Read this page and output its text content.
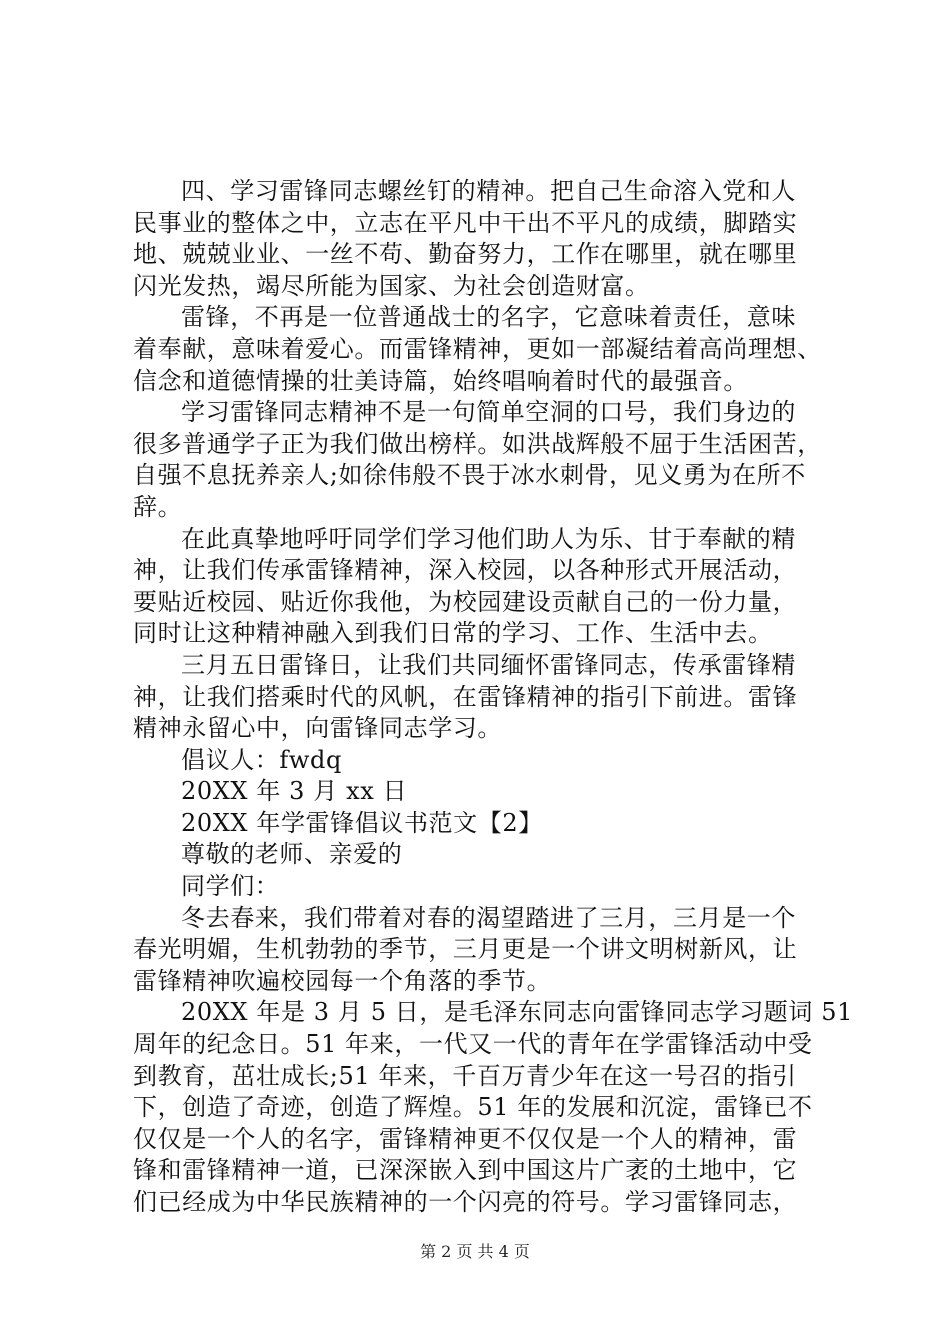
四、学习雷锋同志螺丝钉的精神。把自己生命溶入党和人
民事业的整体之中，立志在平凡中干出不平凡的成绩，脚踏实
地、兢兢业业、一丝不苟、勤奋努力，工作在哪里，就在哪里
闪光发热，竭尽所能为国家、为社会创造财富。
雷锋，不再是一位普通战士的名字，它意味着责任，意味
着奉献，意味着爱心。而雷锋精神，更如一部凝结着高尚理想、
信念和道德情操的壮美诗篇，始终唱响着时代的最强音。
学习雷锋同志精神不是一句简单空洞的口号，我们身边的
很多普通学子正为我们做出榜样。如洪战辉般不屈于生活困苦，
自强不息抚养亲人;如徐伟般不畏于冰水刺骨，见义勇为在所不
辞。
在此真挚地呼吁同学们学习他们助人为乐、甘于奉献的精
神，让我们传承雷锋精神，深入校园，以各种形式开展活动，
要贴近校园、贴近你我他，为校园建设贡献自己的一份力量，
同时让这种精神融入到我们日常的学习、工作、生活中去。
三月五日雷锋日，让我们共同缅怀雷锋同志，传承雷锋精
神，让我们搭乘时代的风帆，在雷锋精神的指引下前进。雷锋
精神永留心中，向雷锋同志学习。
倡议人：fwdq
20XX 年 3 月 xx 日
20XX 年学雷锋倡议书范文【2】
尊敬的老师、亲爱的
同学们：
冬去春来，我们带着对春的渴望踏进了三月，三月是一个
春光明媚，生机勃勃的季节，三月更是一个讲文明树新风，让
雷锋精神吹遍校园每一个角落的季节。
20XX 年是 3 月 5 日，是毛泽东同志向雷锋同志学习题词 51
周年的纪念日。51 年来，一代又一代的青年在学雷锋活动中受
到教育，茁壮成长;51 年来，千百万青少年在这一号召的指引
下，创造了奇迹，创造了辉煌。51 年的发展和沉淀，雷锋已不
仅仅是一个人的名字，雷锋精神更不仅仅是一个人的精神，雷
锋和雷锋精神一道，已深深嵌入到中国这片广袤的土地中，它
们已经成为中华民族精神的一个闪亮的符号。学习雷锋同志，
第 2 页 共 4 页
